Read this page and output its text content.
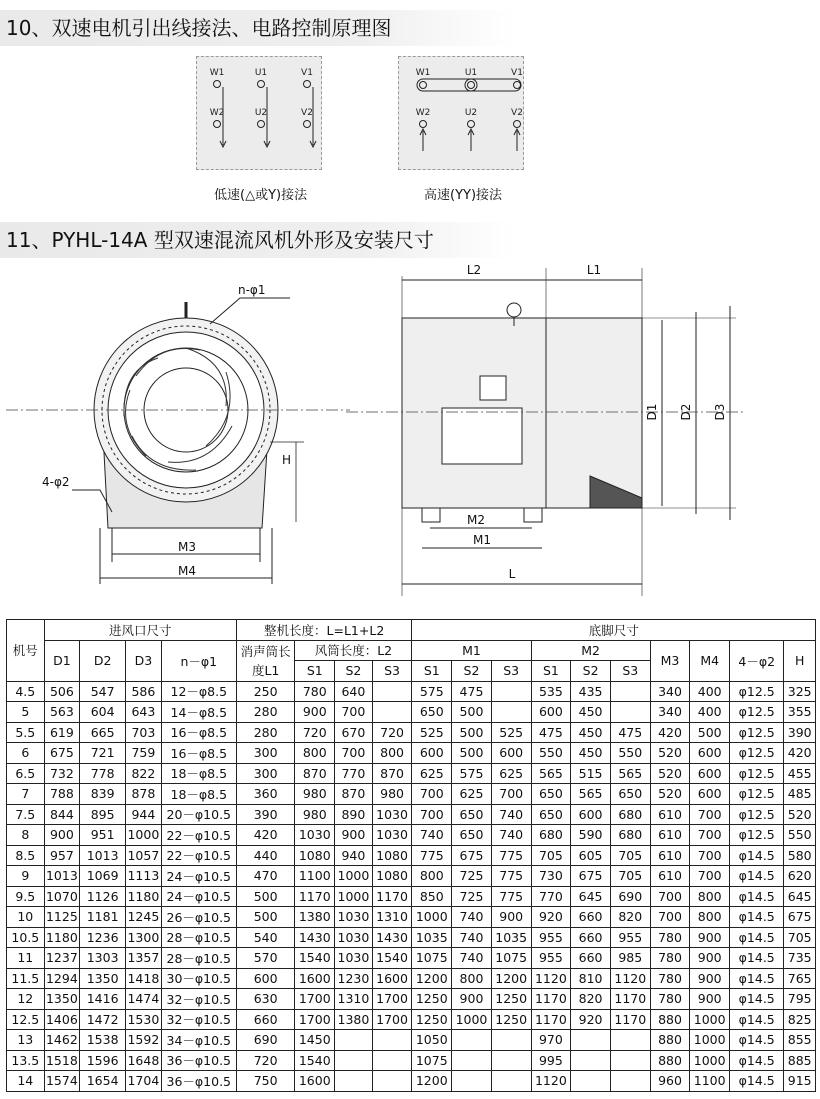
10、双速电机引出线接法、电路控制原理图
W1	U1	V1
W2	U2	V2
低速(△或Y)接法
W1	U1	V1
W2	U2	V2
高速(YY)接法
11、PYHL-14A 型双速混流风机外形及安装尺寸
n-φ1
4-φ2
H
M3
M4
L2	L1
M2
M1
L
D1 D2 D3
机号	进风口尺寸				整机长度：L=L1+L2				底脚尺寸									
	D1	D2	D3	n－φ1	消声筒长度L1	风筒长度：L2			M1			M2			M3	M4	4－φ2	H
						S1	S2	S3	S1	S2	S3	S1	S2	S3				
4.5	506	547	586	12－φ8.5	250	780	640		575	475		535	435		340	400	φ12.5	325
5	563	604	643	14－φ8.5	280	900	700		650	500		600	450		340	400	φ12.5	355
5.5	619	665	703	16－φ8.5	280	720	670	720	525	500	525	475	450	475	420	500	φ12.5	390
6	675	721	759	16－φ8.5	300	800	700	800	600	500	600	550	450	550	520	600	φ12.5	420
6.5	732	778	822	18－φ8.5	300	870	770	870	625	575	625	565	515	565	520	600	φ12.5	455
7	788	839	878	18－φ8.5	360	980	870	980	700	625	700	650	565	650	520	600	φ12.5	485
7.5	844	895	944	20－φ10.5	390	980	890	1030	700	650	740	650	600	680	610	700	φ12.5	520
8	900	951	1000	22－φ10.5	420	1030	900	1030	740	650	740	680	590	680	610	700	φ12.5	550
8.5	957	1013	1057	22－φ10.5	440	1080	940	1080	775	675	775	705	605	705	610	700	φ14.5	580
9	1013	1069	1113	24－φ10.5	470	1100	1000	1080	800	725	775	730	675	705	610	700	φ14.5	620
9.5	1070	1126	1180	24－φ10.5	500	1170	1000	1170	850	725	775	770	645	690	700	800	φ14.5	645
10	1125	1181	1245	26－φ10.5	500	1380	1030	1310	1000	740	900	920	660	820	700	800	φ14.5	675
10.5	1180	1236	1300	28－φ10.5	540	1430	1030	1430	1035	740	1035	955	660	955	780	900	φ14.5	705
11	1237	1303	1357	28－φ10.5	570	1540	1030	1540	1075	740	1075	955	660	985	780	900	φ14.5	735
11.5	1294	1350	1418	30－φ10.5	600	1600	1230	1600	1200	800	1200	1120	810	1120	780	900	φ14.5	765
12	1350	1416	1474	32－φ10.5	630	1700	1310	1700	1250	900	1250	1170	820	1170	780	900	φ14.5	795
12.5	1406	1472	1530	32－φ10.5	660	1700	1380	1700	1250	1000	1250	1170	920	1170	880	1000	φ14.5	825
13	1462	1538	1592	34－φ10.5	690	1450			1050			970			880	1000	φ14.5	855
13.5	1518	1596	1648	36－φ10.5	720	1540			1075			995			880	1000	φ14.5	885
14	1574	1654	1704	36－φ10.5	750	1600			1200			1120			960	1100	φ14.5	915
